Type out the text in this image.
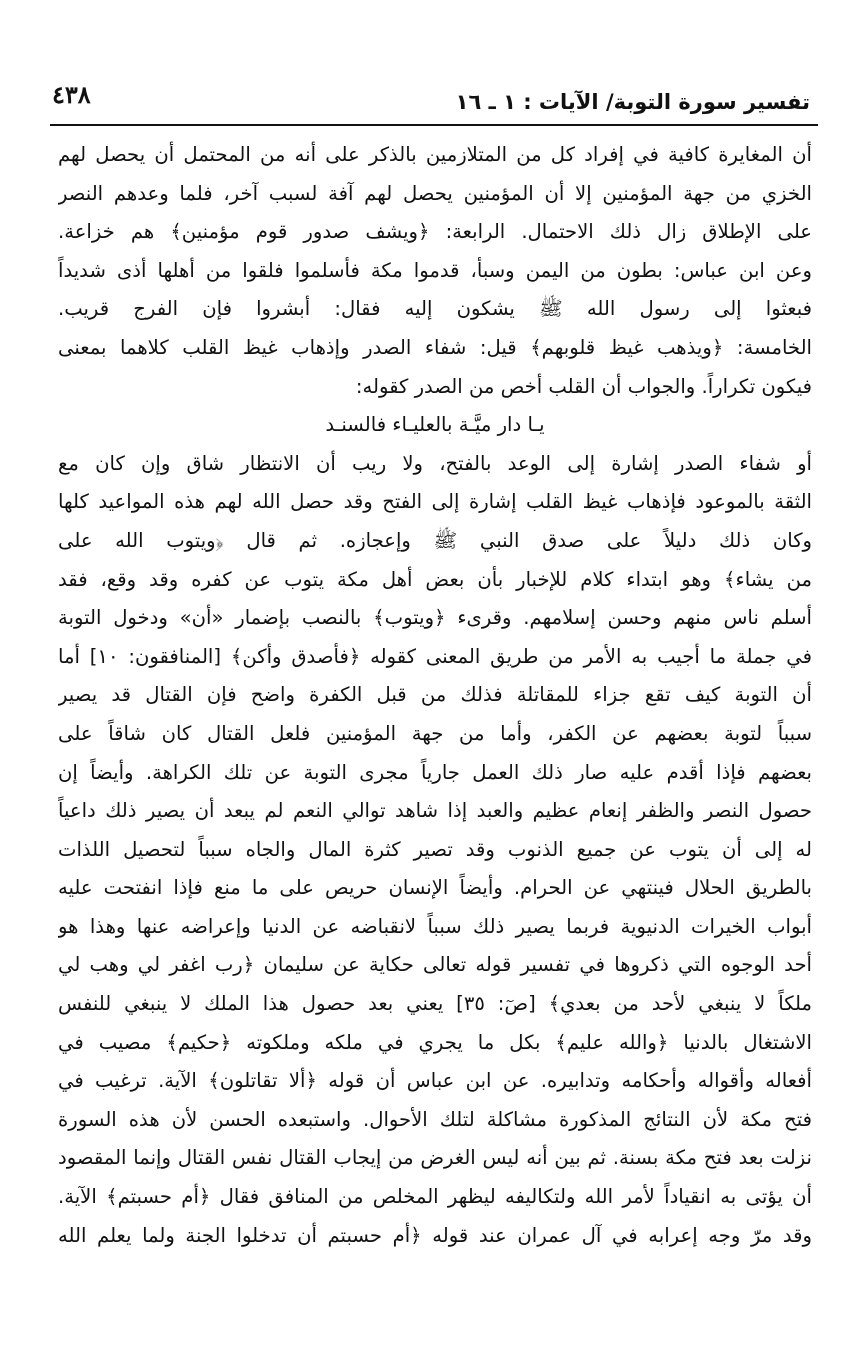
٤٣٨	تفسير سورة التوبة/ الآيات : ١ ـ ١٦
أن المغايرة كافية في إفراد كل من المتلازمين بالذكر على أنه من المحتمل أن يحصل لهم
الخزي من جهة المؤمنين إلا أن المؤمنين يحصل لهم آفة لسبب آخر، فلما وعدهم النصر
على الإطلاق زال ذلك الاحتمال. الرابعة: ﴿ويشف صدور قوم مؤمنين﴾ هم خزاعة.
وعن ابن عباس: بطون من اليمن وسبأ، قدموا مكة فأسلموا فلقوا من أهلها أذى شديداً
فبعثوا إلى رسول الله ﷺ يشكون إليه فقال: أبشروا فإن الفرج قريب.
الخامسة: ﴿ويذهب غيظ قلوبهم﴾ قيل: شفاء الصدر وإذهاب غيظ القلب كلاهما بمعنى
فيكون تكراراً. والجواب أن القلب أخص من الصدر كقوله:
يـا دار ميَّـة بالعليـاء فالسنـد
أو شفاء الصدر إشارة إلى الوعد بالفتح، ولا ريب أن الانتظار شاق وإن كان مع
الثقة بالموعود فإذهاب غيظ القلب إشارة إلى الفتح وقد حصل الله لهم هذه المواعيد كلها
وكان ذلك دليلاً على صدق النبي ﷺ وإعجازه. ثم قال ﴿ويتوب الله على
من يشاء﴾ وهو ابتداء كلام للإخبار بأن بعض أهل مكة يتوب عن كفره وقد وقع، فقد
أسلم ناس منهم وحسن إسلامهم. وقرىء ﴿ويتوب﴾ بالنصب بإضمار «أن» ودخول التوبة
في جملة ما أجيب به الأمر من طريق المعنى كقوله ﴿فأصدق وأكن﴾ [المنافقون: ١٠] أما
أن التوبة كيف تقع جزاء للمقاتلة فذلك من قبل الكفرة واضح فإن القتال قد يصير
سبباً لتوبة بعضهم عن الكفر، وأما من جهة المؤمنين فلعل القتال كان شاقاً على
بعضهم فإذا أقدم عليه صار ذلك العمل جارياً مجرى التوبة عن تلك الكراهة. وأيضاً إن
حصول النصر والظفر إنعام عظيم والعبد إذا شاهد توالي النعم لم يبعد أن يصير ذلك داعياً
له إلى أن يتوب عن جميع الذنوب وقد تصير كثرة المال والجاه سبباً لتحصيل اللذات
بالطريق الحلال فينتهي عن الحرام. وأيضاً الإنسان حريص على ما منع فإذا انفتحت عليه
أبواب الخيرات الدنيوية فربما يصير ذلك سبباً لانقباضه عن الدنيا وإعراضه عنها وهذا هو
أحد الوجوه التي ذكروها في تفسير قوله تعالى حكاية عن سليمان ﴿رب اغفر لي وهب لي
ملكاً لا ينبغي لأحد من بعدي﴾ [صٓ: ٣٥] يعني بعد حصول هذا الملك لا ينبغي للنفس
الاشتغال بالدنيا ﴿والله عليم﴾ بكل ما يجري في ملكه وملكوته ﴿حكيم﴾ مصيب في
أفعاله وأقواله وأحكامه وتدابيره. عن ابن عباس أن قوله ﴿ألا تقاتلون﴾ الآية. ترغيب في
فتح مكة لأن النتائج المذكورة مشاكلة لتلك الأحوال. واستبعده الحسن لأن هذه السورة
نزلت بعد فتح مكة بسنة. ثم بين أنه ليس الغرض من إيجاب القتال نفس القتال وإنما المقصود
أن يؤتى به انقياداً لأمر الله ولتكاليفه ليظهر المخلص من المنافق فقال ﴿أم حسبتم﴾ الآية.
وقد مرّ وجه إعرابه في آل عمران عند قوله ﴿أم حسبتم أن تدخلوا الجنة ولما يعلم الله
